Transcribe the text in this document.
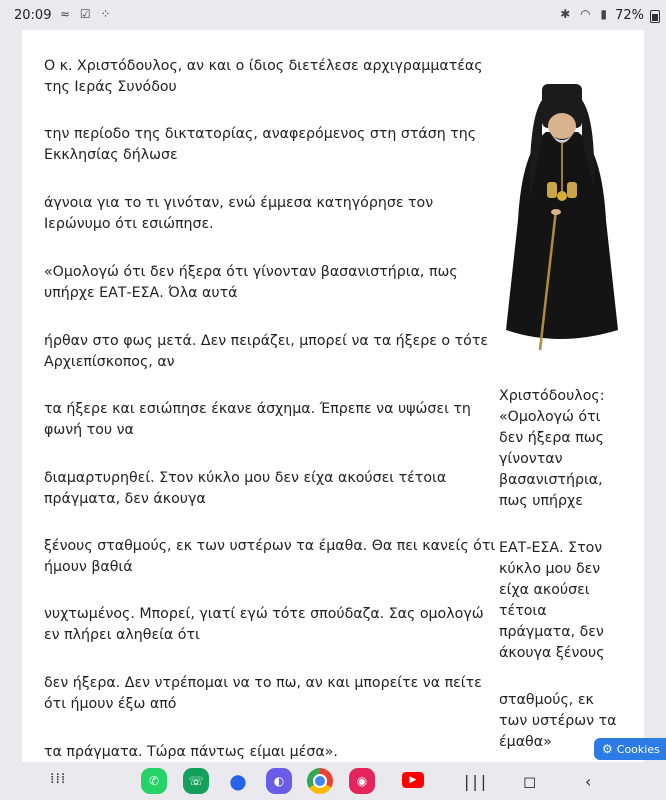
20:09 ≈ ☑ ⁘	✱ ◠ ▮ 72%

Ο κ. Χριστόδουλος, αν και ο ίδιος διετέλεσε αρχιγραμματέας της Ιεράς Συνόδου

την περίοδο της δικτατορίας, αναφερόμενος στη στάση της Εκκλησίας δήλωσε

άγνοια για το τι γινόταν, ενώ έμμεσα κατηγόρησε τον Ιερώνυμο ότι εσιώπησε.

«Ομολογώ ότι δεν ήξερα ότι γίνονταν βασανιστήρια, πως υπήρχε ΕΑΤ-ΕΣΑ. Όλα αυτά

ήρθαν στο φως μετά. Δεν πειράζει, μπορεί να τα ήξερε ο τότε Αρχιεπίσκοπος, αν

τα ήξερε και εσιώπησε έκανε άσχημα. Έπρεπε να υψώσει τη φωνή του να

διαμαρτυρηθεί. Στον κύκλο μου δεν είχα ακούσει τέτοια πράγματα, δεν άκουγα

ξένους σταθμούς, εκ των υστέρων τα έμαθα. Θα πει κανείς ότι ήμουν βαθιά

νυχτωμένος. Μπορεί, γιατί εγώ τότε σπούδαζα. Σας ομολογώ εν πλήρει αληθεία ότι

δεν ήξερα. Δεν ντρέπομαι να το πω, αν και μπορείτε να πείτε ότι ήμουν έξω από

τα πράγματα. Τώρα πάντως είμαι μέσα».

Χριστόδουλος: «Ομολογώ ότι δεν ήξερα πως γίνονταν βασανιστήρια, πως υπήρχε

ΕΑΤ-ΕΣΑ. Στον κύκλο μου δεν είχα ακούσει τέτοια πράγματα, δεν άκουγα ξένους

σταθμούς, εκ των υστέρων τα έμαθα»	⚙ Cookies
⁞⁞⁞	✆	☏ ●	◐	◉	▶	||| ◻	‹
